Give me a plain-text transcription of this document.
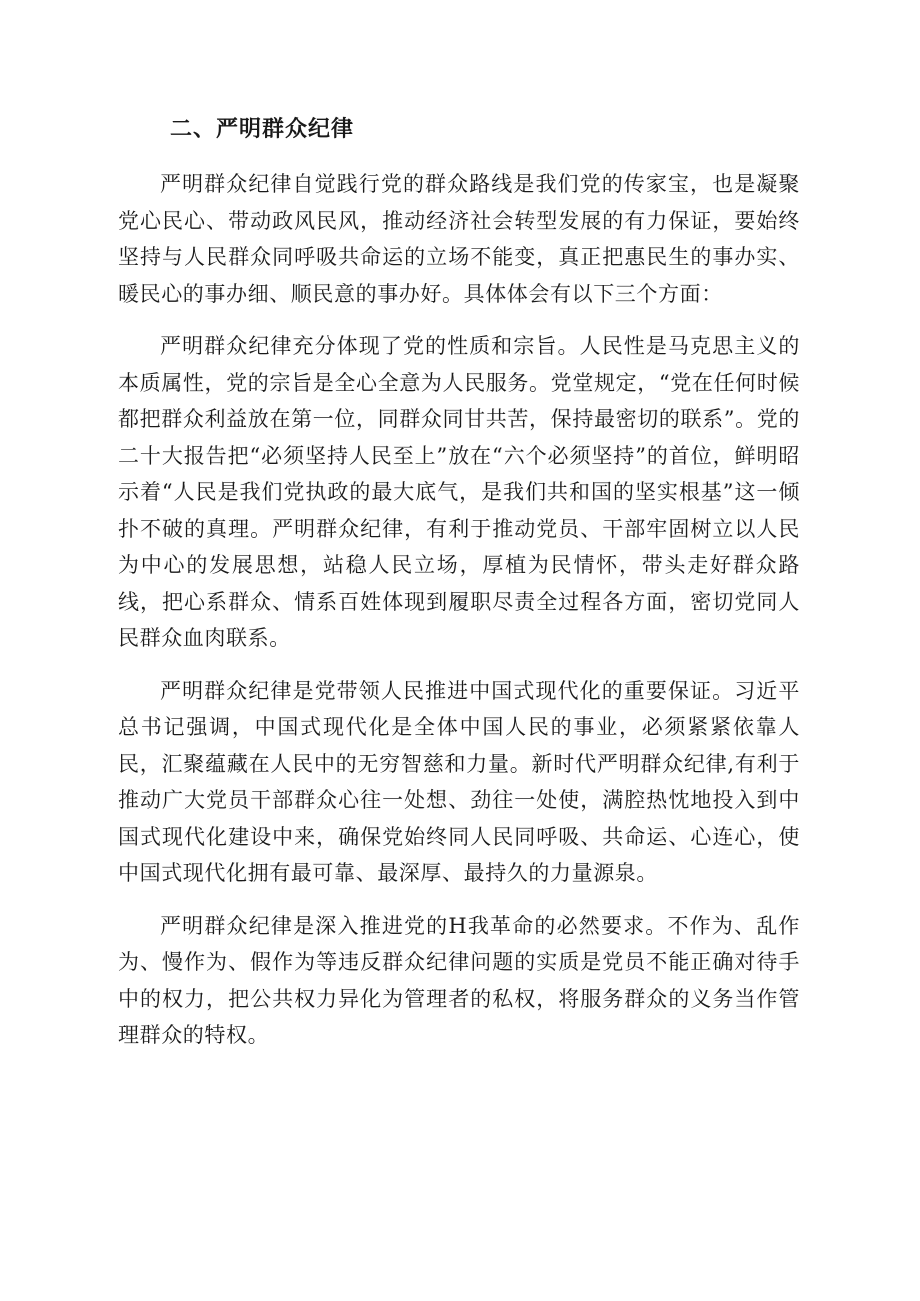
二、严明群众纪律

严明群众纪律自觉践行党的群众路线是我们党的传家宝，也是凝聚党心民心、带动政风民风，推动经济社会转型发展的有力保证，要始终坚持与人民群众同呼吸共命运的立场不能变，真正把惠民生的事办实、暖民心的事办细、顺民意的事办好。具体体会有以下三个方面：

严明群众纪律充分体现了党的性质和宗旨。人民性是马克思主义的本质属性，党的宗旨是全心全意为人民服务。党堂规定，“党在任何时候都把群众利益放在第一位，同群众同甘共苦，保持最密切的联系”。党的二十大报告把“必须坚持人民至上”放在“六个必须坚持”的首位，鲜明昭示着“人民是我们党执政的最大底气，是我们共和国的坚实根基”这一倾扑不破的真理。严明群众纪律，有利于推动党员、干部牢固树立以人民为中心的发展思想，站稳人民立场，厚植为民情怀，带头走好群众路线，把心系群众、情系百姓体现到履职尽责全过程各方面，密切党同人民群众血肉联系。

严明群众纪律是党带领人民推进中国式现代化的重要保证。习近平总书记强调，中国式现代化是全体中国人民的事业，必须紧紧依靠人民，汇聚蕴藏在人民中的无穷智慈和力量。新时代严明群众纪律,有利于推动广大党员干部群众心往一处想、劲往一处使，满腔热忱地投入到中国式现代化建设中来，确保党始终同人民同呼吸、共命运、心连心，使中国式现代化拥有最可靠、最深厚、最持久的力量源泉。

严明群众纪律是深入推进党的H我革命的必然要求。不作为、乱作为、慢作为、假作为等违反群众纪律问题的实质是党员不能正确对待手中的权力，把公共权力异化为管理者的私权，将服务群众的义务当作管理群众的特权。
